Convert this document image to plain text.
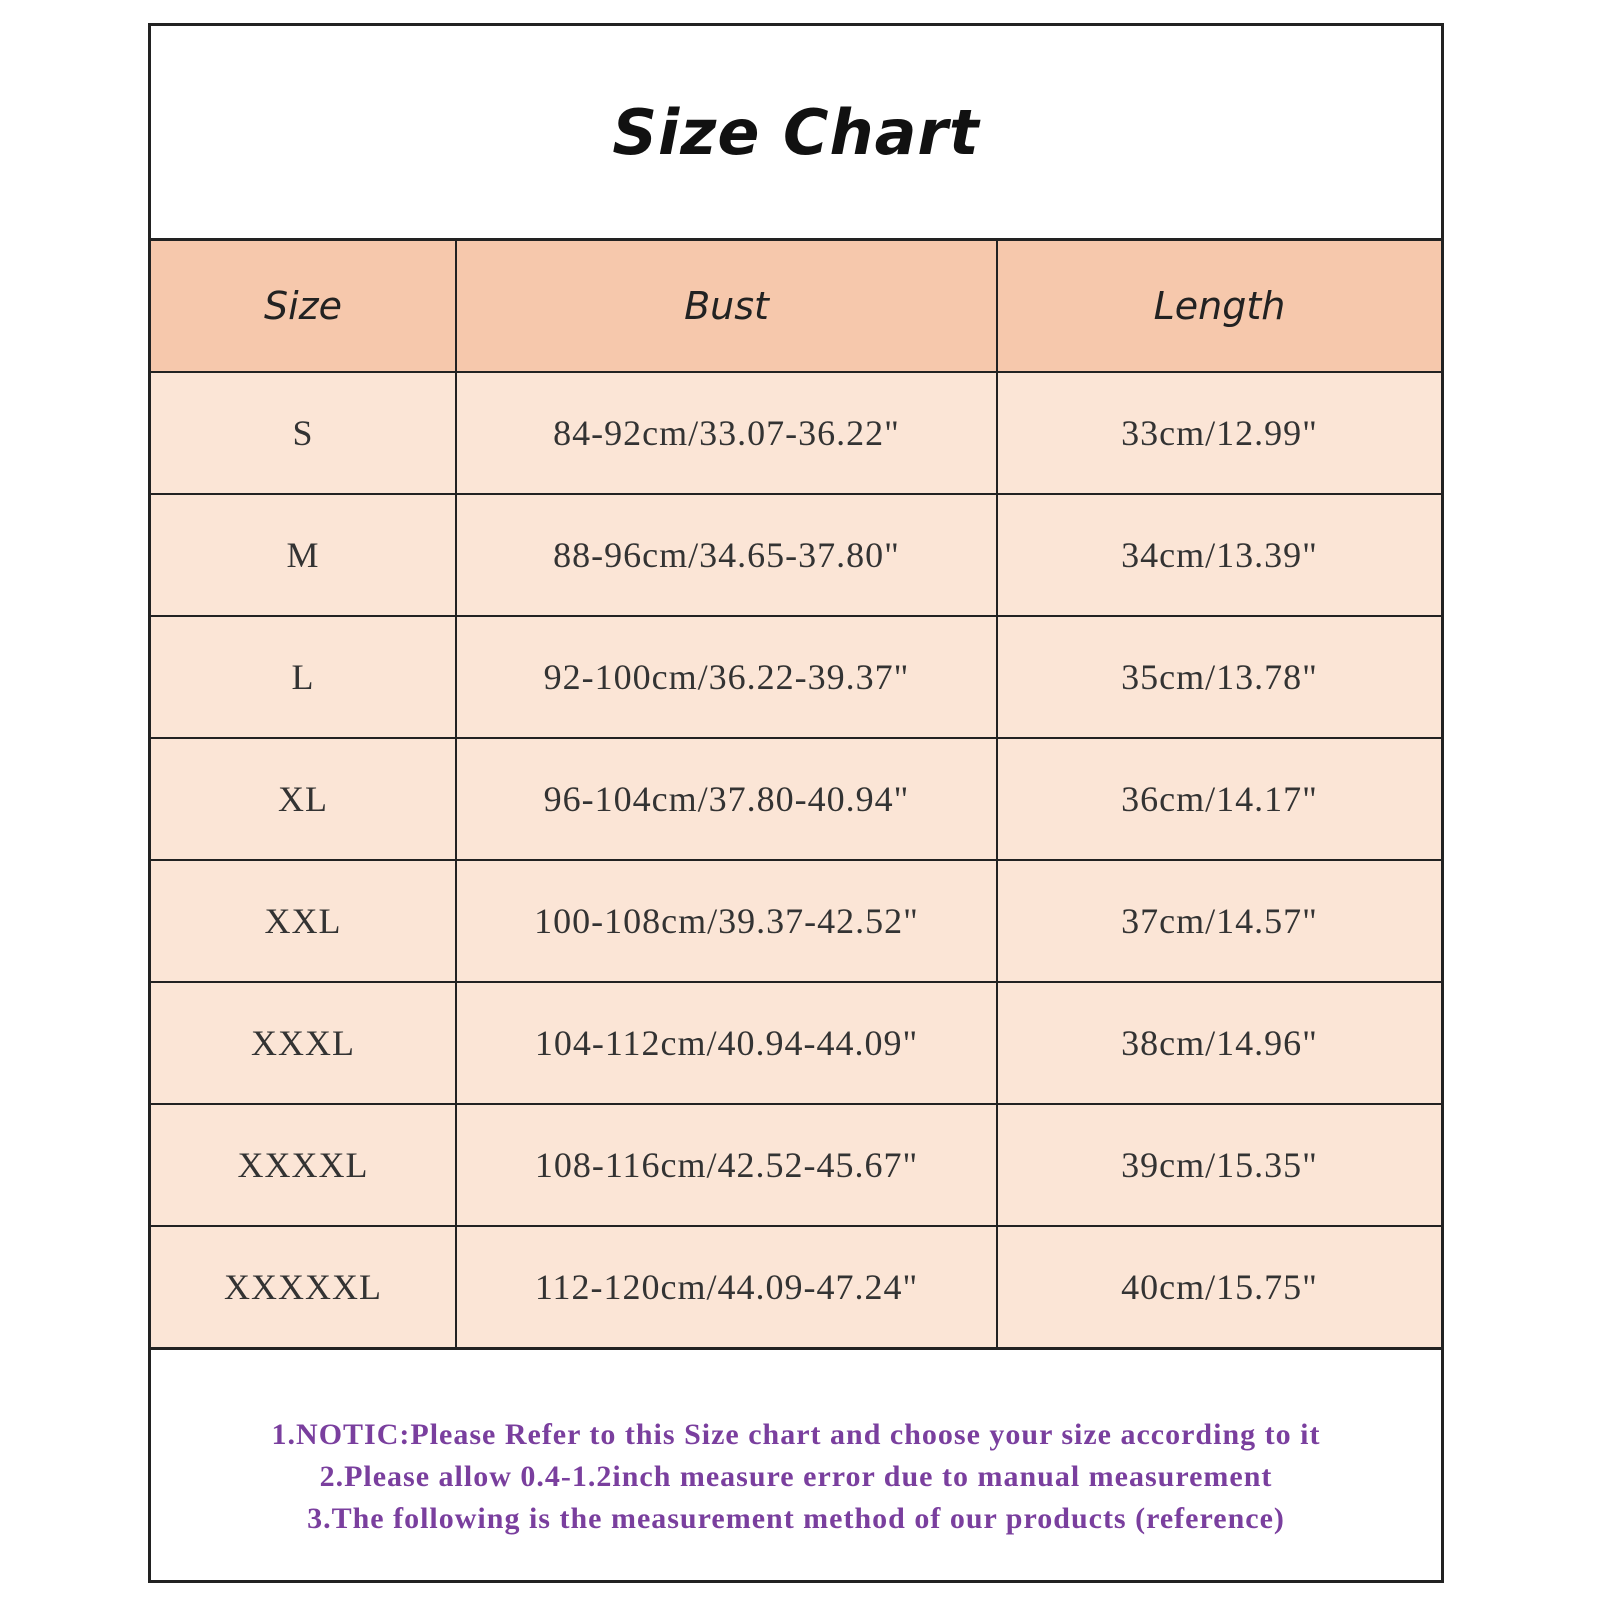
Size Chart
Size	Bust	Length
S	84-92cm/33.07-36.22"	33cm/12.99"
M	88-96cm/34.65-37.80"	34cm/13.39"
L	92-100cm/36.22-39.37"	35cm/13.78"
XL	96-104cm/37.80-40.94"	36cm/14.17"
XXL	100-108cm/39.37-42.52"	37cm/14.57"
XXXL	104-112cm/40.94-44.09"	38cm/14.96"
XXXXL	108-116cm/42.52-45.67"	39cm/15.35"
XXXXXL	112-120cm/44.09-47.24"	40cm/15.75"
1.NOTIC:Please Refer to this Size chart and choose your size according to it
2.Please allow 0.4-1.2inch measure error due to manual measurement
3.The following is the measurement method of our products (reference)
